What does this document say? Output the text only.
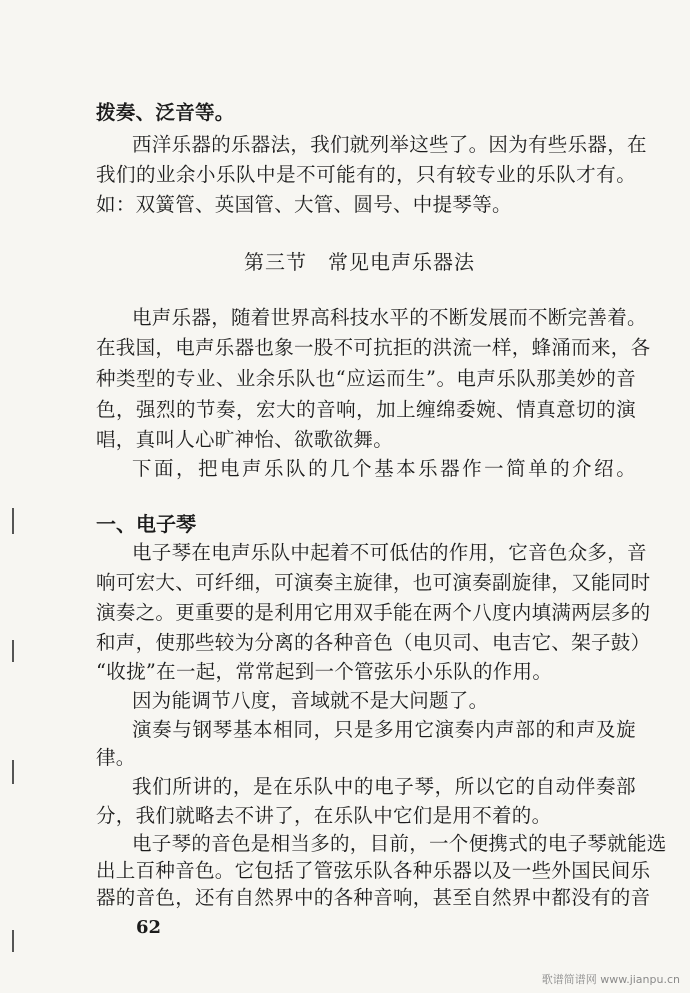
拨奏、泛音等。
西洋乐器的乐器法，我们就列举这些了。因为有些乐器，在
我们的业余小乐队中是不可能有的，只有较专业的乐队才有。
如：双簧管、英国管、大管、圆号、中提琴等。
第三节　常见电声乐器法
电声乐器，随着世界高科技水平的不断发展而不断完善着。
在我国，电声乐器也象一股不可抗拒的洪流一样，蜂涌而来，各
种类型的专业、业余乐队也“应运而生”。电声乐队那美妙的音
色，强烈的节奏，宏大的音响，加上缠绵委婉、情真意切的演
唱，真叫人心旷神怡、欲歌欲舞。
下面，把电声乐队的几个基本乐器作一简单的介绍。
一、电子琴
电子琴在电声乐队中起着不可低估的作用，它音色众多，音
响可宏大、可纤细，可演奏主旋律，也可演奏副旋律，又能同时
演奏之。更重要的是利用它用双手能在两个八度内填满两层多的
和声，使那些较为分离的各种音色（电贝司、电吉它、架子鼓）
“收拢”在一起，常常起到一个管弦乐小乐队的作用。
因为能调节八度，音域就不是大问题了。
演奏与钢琴基本相同，只是多用它演奏内声部的和声及旋
律。
我们所讲的，是在乐队中的电子琴，所以它的自动伴奏部
分，我们就略去不讲了，在乐队中它们是用不着的。
电子琴的音色是相当多的，目前，一个便携式的电子琴就能选
出上百种音色。它包括了管弦乐队各种乐器以及一些外国民间乐
器的音色，还有自然界中的各种音响，甚至自然界中都没有的音
62
歌谱简谱网 www.jianpu.cn
